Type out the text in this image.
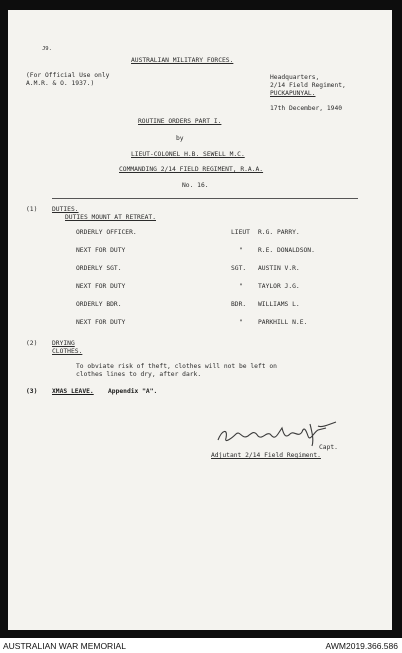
J9.
AUSTRALIAN MILITARY FORCES.
(For Official Use only
A.M.R. & O. 1937.)
Headquarters,
2/14 Field Regiment,
PUCKAPUNYAL.
17th December, 1940
ROUTINE ORDERS PART I.
by
LIEUT-COLONEL H.B. SEWELL M.C.
COMMANDING 2/14 FIELD REGIMENT, R.A.A.
No. 16.
(1) DUTIES.
DUTIES MOUNT AT RETREAT.
ORDERLY OFFICER.	LIEUT R.G. PARRY.
NEXT FOR DUTY	" R.E. DONALDSON.
ORDERLY SGT.	SGT. AUSTIN V.R.
NEXT FOR DUTY	" TAYLOR J.G.
ORDERLY BDR.	BDR. WILLIAMS L.
NEXT FOR DUTY	" PARKHILL N.E.
(2) DRYING
CLOTHES.
To obviate risk of theft, clothes will not be left on
clothes lines to dry, after dark.
(3) XMAS LEAVE. Appendix "A".
Capt.
Adjutant 2/14 Field Regiment.
AUSTRALIAN WAR MEMORIAL	AWM2019.366.586
